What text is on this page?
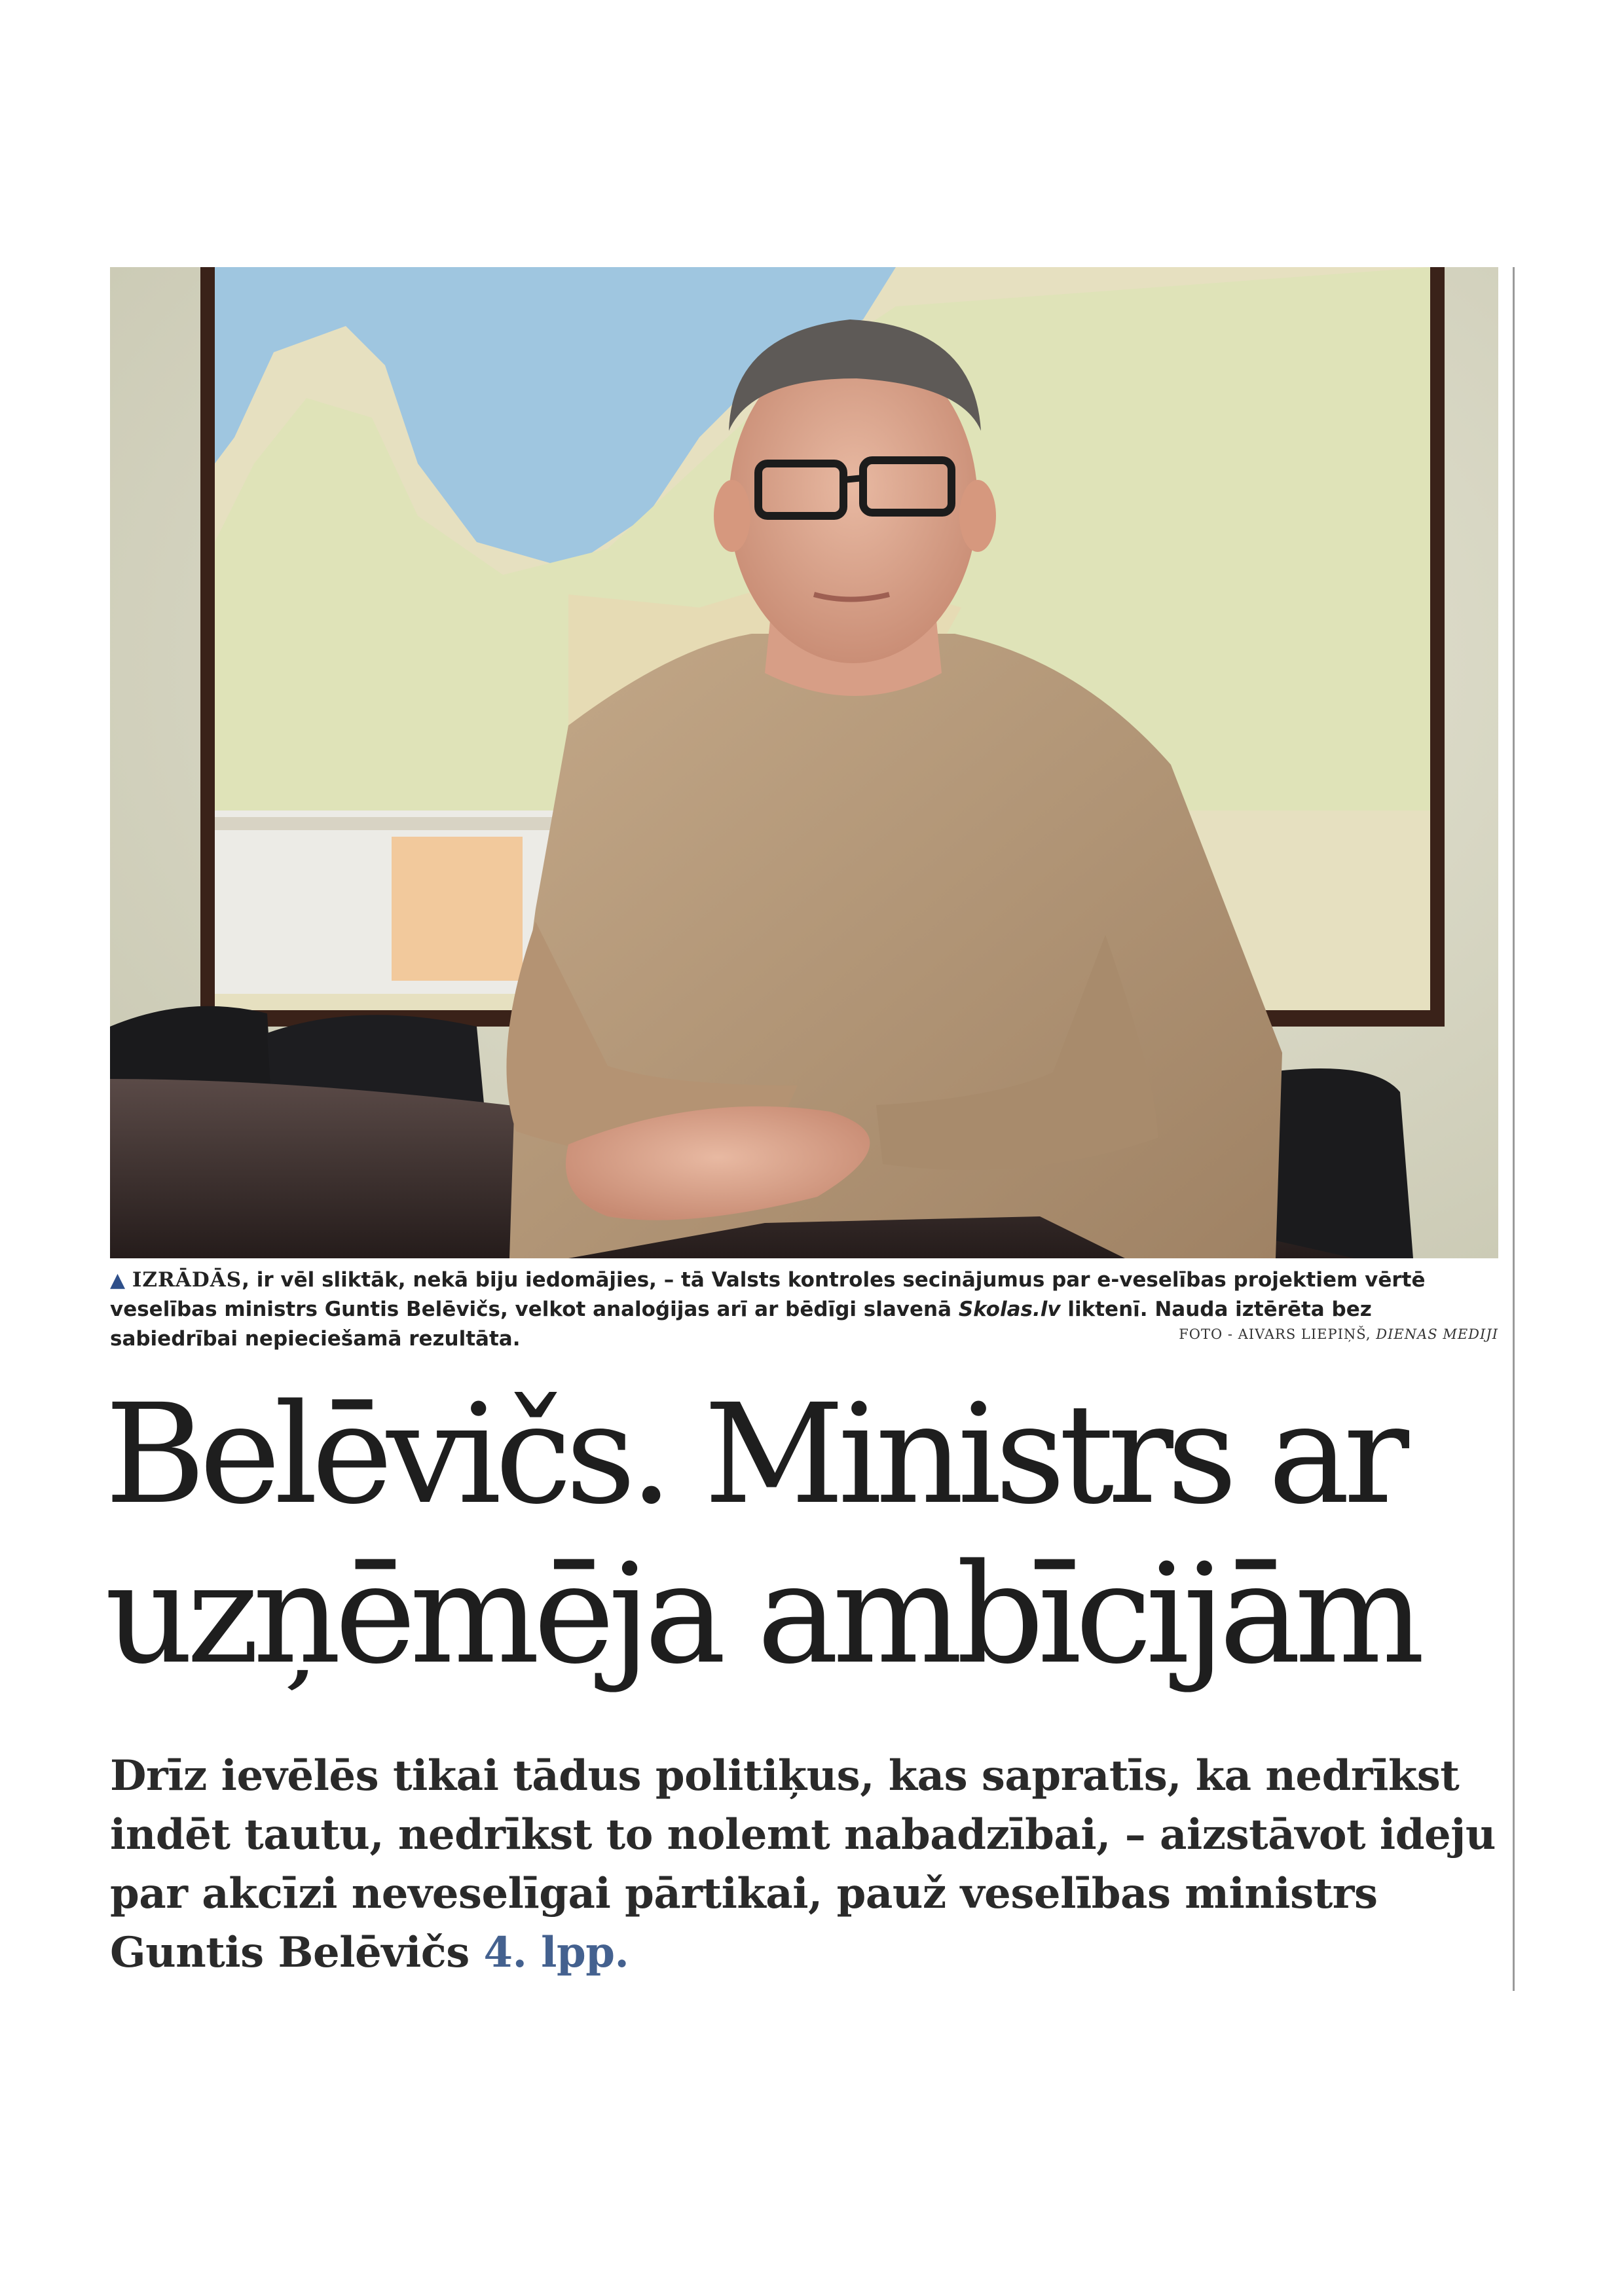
▲ IZRĀDĀS, ir vēl sliktāk, nekā biju iedomājies, – tā Valsts kontroles secinājumus par e-veselības projektiem vērtē veselības ministrs Guntis Belēvičs, velkot analoģijas arī ar bēdīgi slavenā Skolas.lv liktenī. Nauda iztērēta bez sabiedrībai nepieciešamā rezultāta.	FOTO - AIVARS LIEPIŅŠ, DIENAS MEDIJI
Belēvičs. Ministrs ar
uzņēmēja ambīcijām

Drīz ievēlēs tikai tādus politiķus, kas sapratīs, ka nedrīkst indēt tautu, nedrīkst to nolemt nabadzībai, – aizstāvot ideju par akcīzi neveselīgai pārtikai, pauž veselības ministrs Guntis Belēvičs 4. lpp.
